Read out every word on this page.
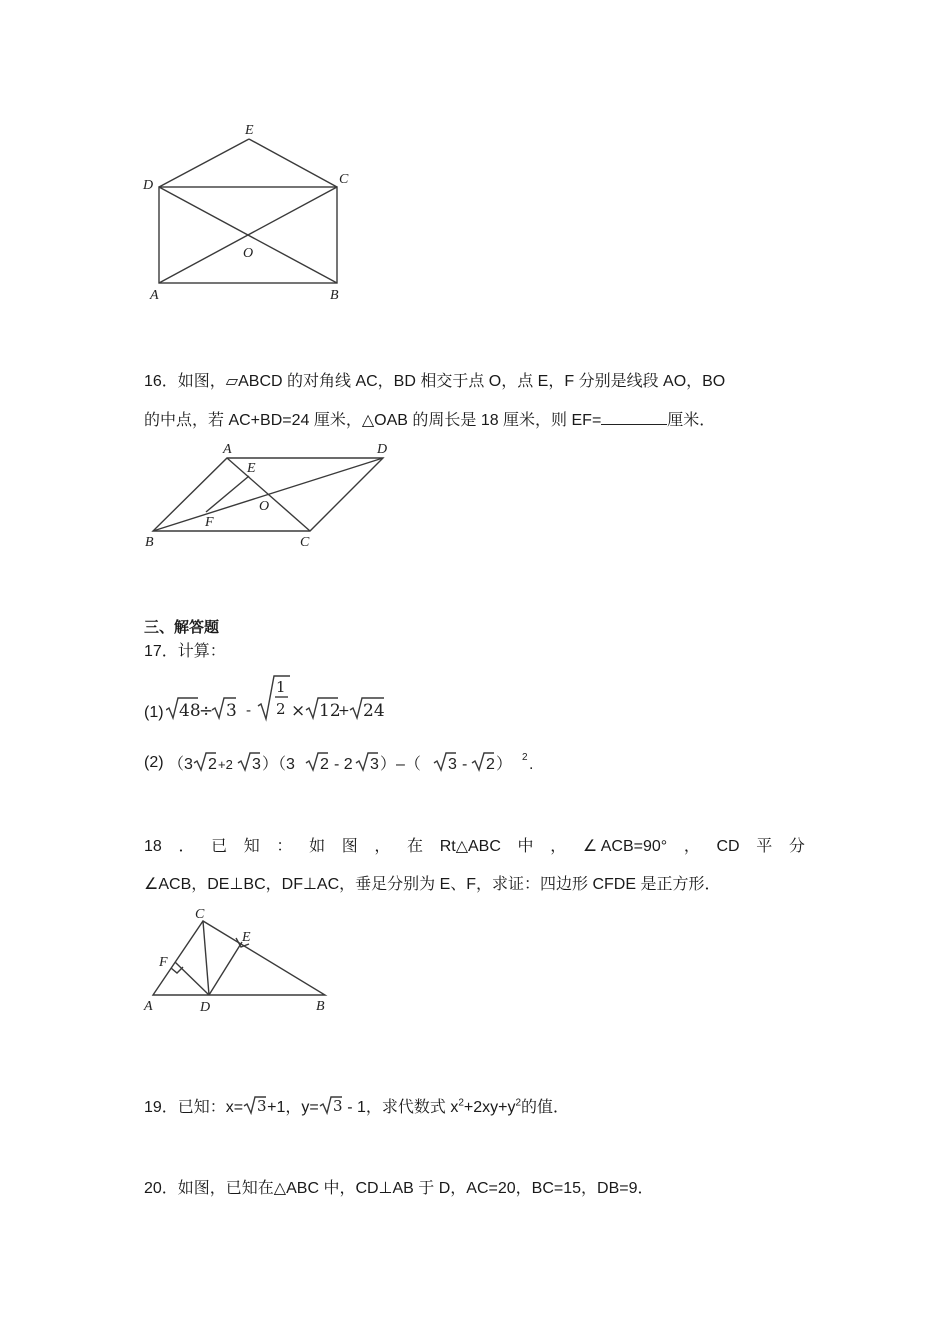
E
D	C
O
A	B
16．如图，▱ABCD 的对角线 AC，BD 相交于点 O，点 E，F 分别是线段 AO，BO
的中点，若 AC+BD=24 厘米，△OAB 的周长是 18 厘米，则 EF=	厘米．
A	D
E
O
F
B	C
三、解答题
17．计算：
(1) 48
÷ 3 -
1
2 × 12
+ 24
(2) （3 2 +2 3 ）（3 2 - 2 3 ）–（ 3 - 2 ） 2 .
18 ． 已 知 ： 如 图 ， 在 Rt△ABC 中 ， ∠ ACB=90° ， CD 平 分
∠ACB，DE⊥BC，DF⊥AC，垂足分别为 E、F，求证：四边形 CFDE 是正方形．
C
E
F
A	D	B
19．已知：x= 3 +1，y= 3 - 1，求代数式 $x^2+2xy+y^2$的值．
20．如图，已知在△ABC 中，CD⊥AB 于 D，AC=20，BC=15，DB=9．
